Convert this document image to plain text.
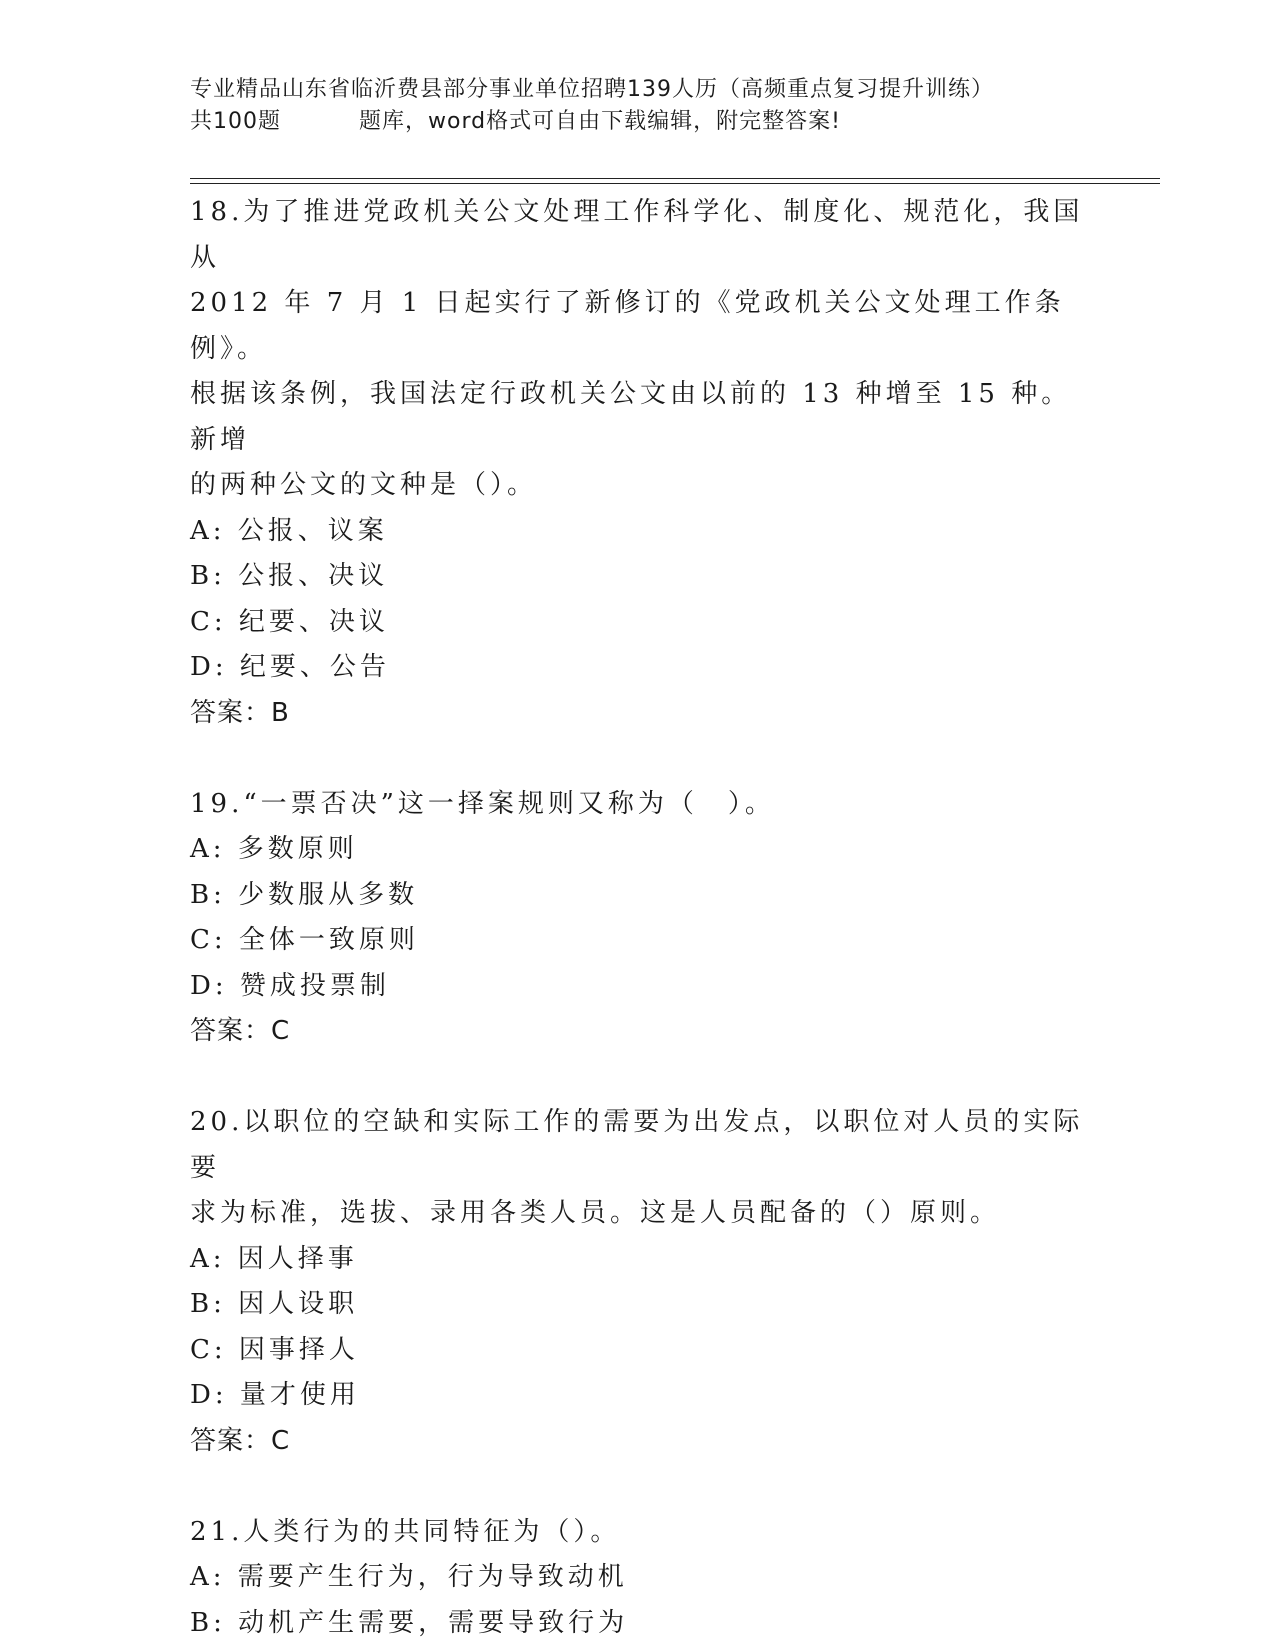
专业精品山东省临沂费县部分事业单位招聘139人历（高频重点复习提升训练）
共100题	题库，word格式可自由下载编辑，附完整答案!

18.为了推进党政机关公文处理工作科学化、制度化、规范化，我国从

2012 年 7 月 1 日起实行了新修订的《党政机关公文处理工作条例》。

根据该条例，我国法定行政机关公文由以前的 13 种增至 15 种。新增

的两种公文的文种是（）。

A: 公报、议案

B: 公报、决议

C: 纪要、决议

D: 纪要、公告

答案：B

19.“一票否决”这一择案规则又称为（　）。

A: 多数原则

B: 少数服从多数

C: 全体一致原则

D: 赞成投票制

答案：C

20.以职位的空缺和实际工作的需要为出发点，以职位对人员的实际要

求为标准，选拔、录用各类人员。这是人员配备的（）原则。

A: 因人择事

B: 因人设职

C: 因事择人

D: 量才使用

答案：C

21.人类行为的共同特征为（）。

A: 需要产生行为，行为导致动机

B: 动机产生需要，需要导致行为
